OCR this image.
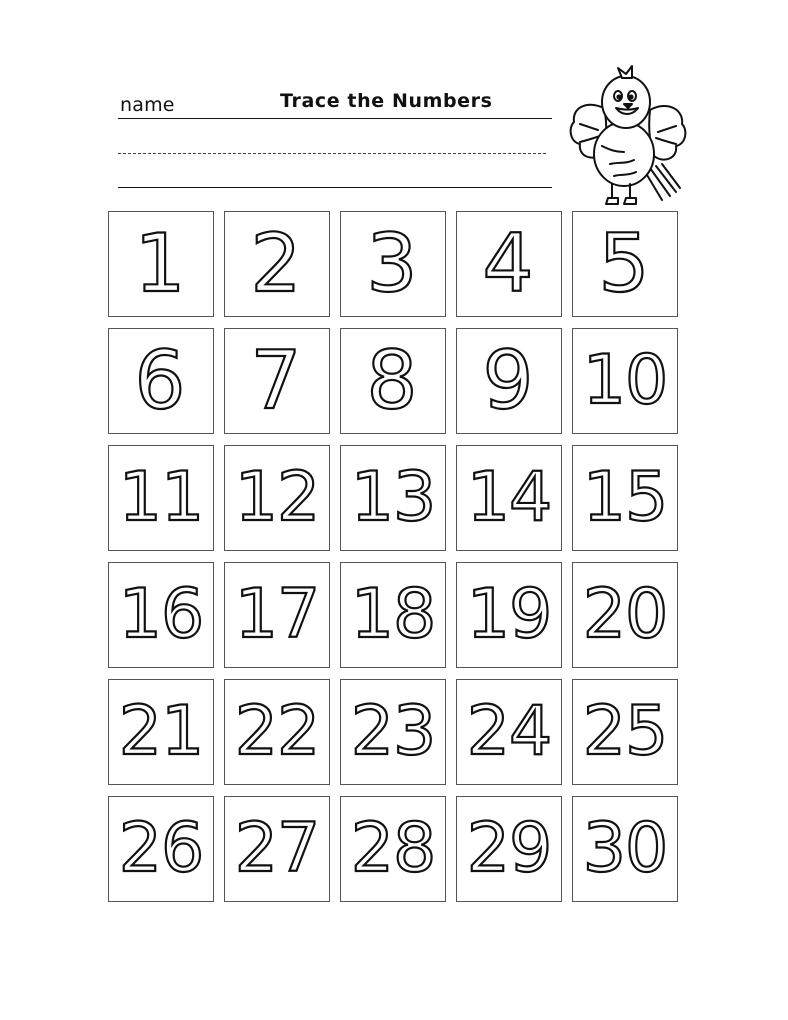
name	Trace the Numbers
1 2 3 4 5
6 7 8 9 10
11 12 13 14 15
16 17 18 19 20
21 22 23 24 25
26 27 28 29 30
